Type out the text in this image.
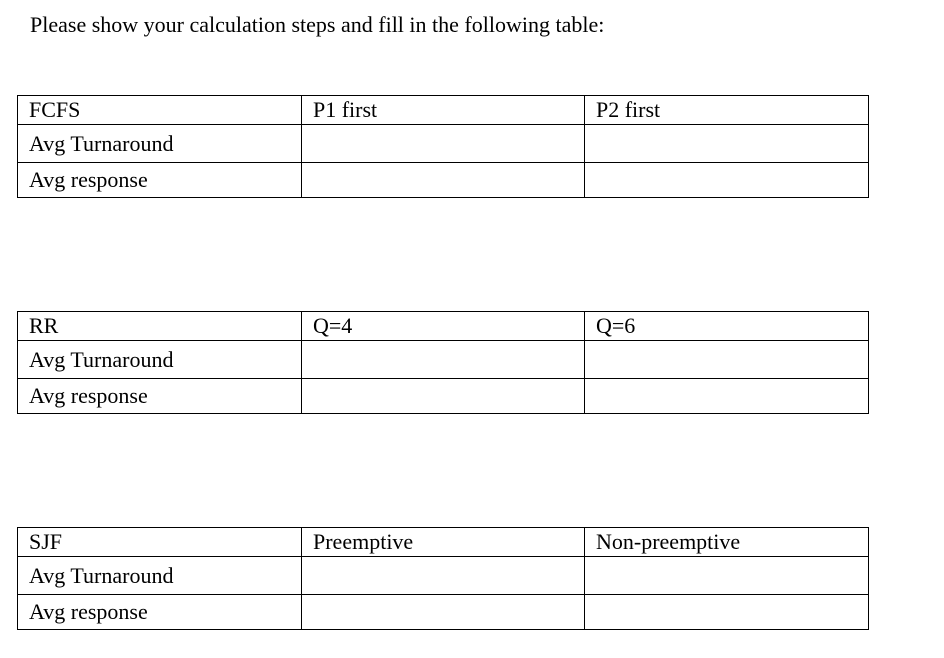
Please show your calculation steps and fill in the following table:
FCFS	P1 first	P2 first
Avg Turnaround		
Avg response		
RR	Q=4	Q=6
Avg Turnaround		
Avg response		
SJF	Preemptive	Non-preemptive
Avg Turnaround		
Avg response		
